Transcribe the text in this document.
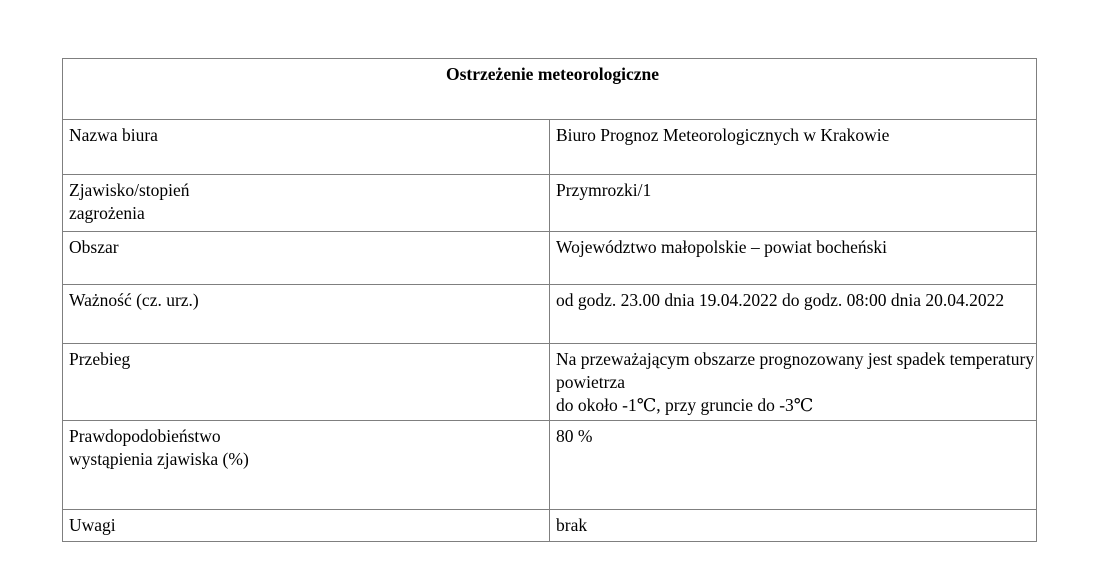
Ostrzeżenie meteorologiczne	
Nazwa biura	Biuro Prognoz Meteorologicznych w Krakowie

Zjawisko/stopień
zagrożenia	Przymrozki/1
Obszar	Województwo małopolskie – powiat bocheński
Ważność (cz. urz.)	od godz. 23.00 dnia 19.04.2022 do godz. 08:00 dnia 20.04.2022
Przebieg	Na przeważającym obszarze prognozowany jest spadek temperatury powietrza
do około -1℃, przy gruncie do -3℃

Prawdopodobieństwo
wystąpienia zjawiska (%)	80 %
Uwagi	brak
